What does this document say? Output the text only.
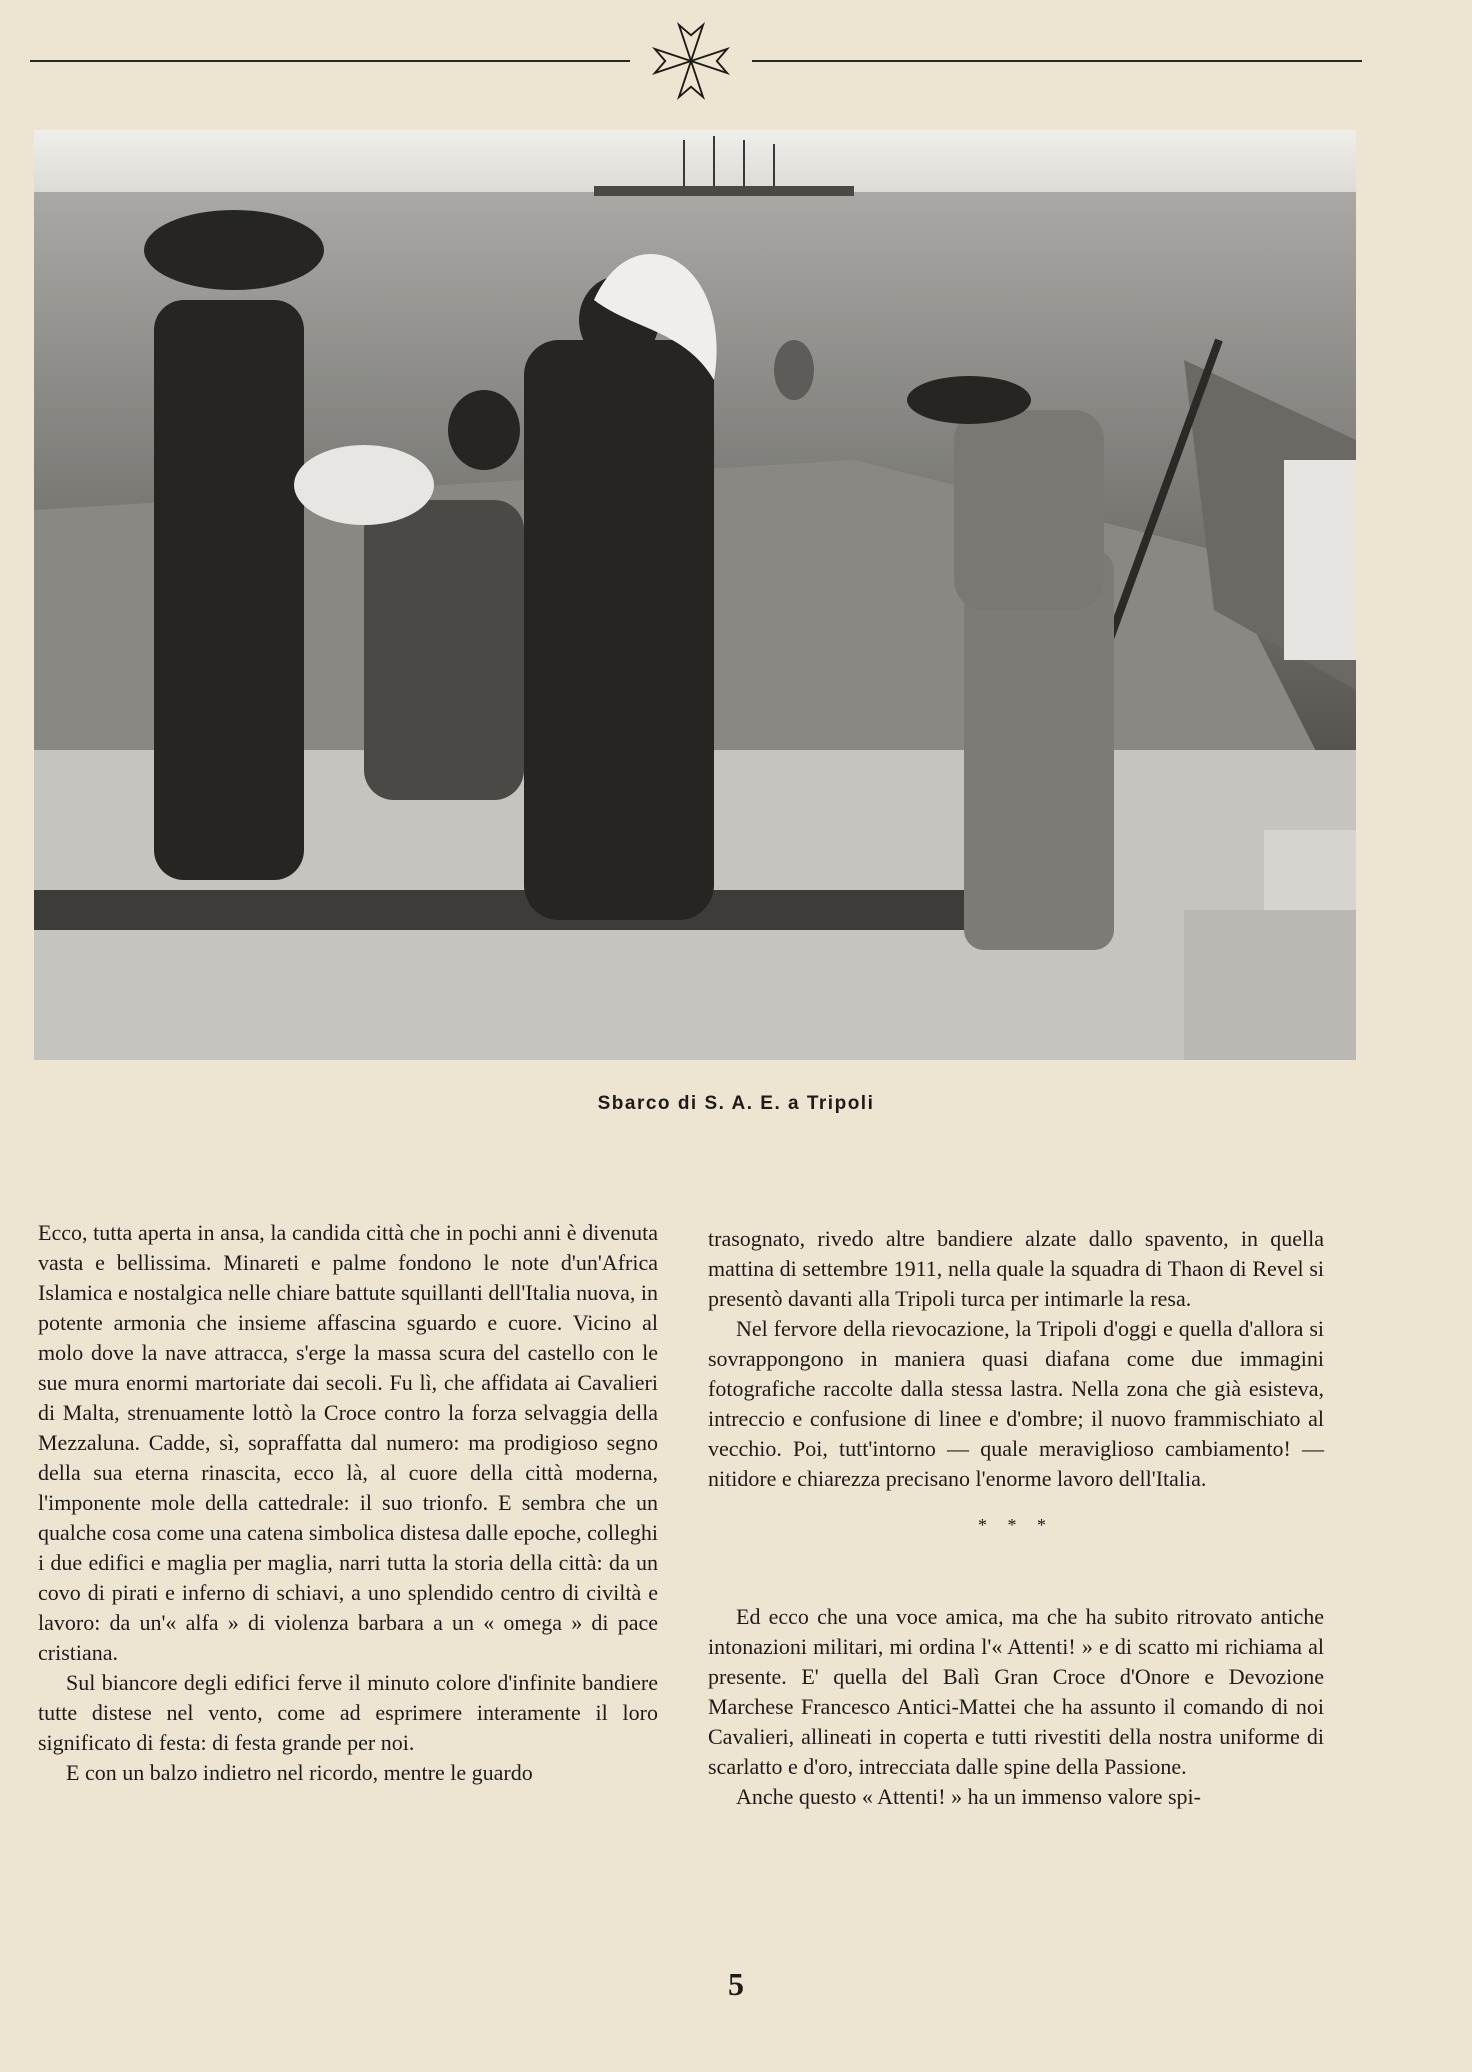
Sbarco di S. A. E. a Tripoli

Ecco, tutta aperta in ansa, la candida città che in pochi anni è divenuta vasta e bellissima. Minareti e palme fondono le note d'un'Africa Islamica e nostalgica nelle chiare battute squillanti dell'Italia nuova, in potente armonia che insieme affascina sguardo e cuore. Vicino al molo dove la nave attracca, s'erge la massa scura del castello con le sue mura enormi martoriate dai secoli. Fu lì, che affidata ai Cavalieri di Malta, strenuamente lottò la Croce contro la forza selvaggia della Mezzaluna. Cadde, sì, sopraffatta dal numero: ma prodigioso segno della sua eterna rinascita, ecco là, al cuore della città moderna, l'imponente mole della cattedrale: il suo trionfo. E sembra che un qualche cosa come una catena simbolica distesa dalle epoche, colleghi i due edifici e maglia per maglia, narri tutta la storia della città: da un covo di pirati e inferno di schiavi, a uno splendido centro di civiltà e lavoro: da un'« alfa » di violenza barbara a un « omega » di pace cristiana.

Sul biancore degli edifici ferve il minuto colore d'infinite bandiere tutte distese nel vento, come ad esprimere interamente il loro significato di festa: di festa grande per noi.

E con un balzo indietro nel ricordo, mentre le guardo

trasognato, rivedo altre bandiere alzate dallo spavento, in quella mattina di settembre 1911, nella quale la squadra di Thaon di Revel si presentò davanti alla Tripoli turca per intimarle la resa.

Nel fervore della rievocazione, la Tripoli d'oggi e quella d'allora si sovrappongono in maniera quasi diafana come due immagini fotografiche raccolte dalla stessa lastra. Nella zona che già esisteva, intreccio e confusione di linee e d'ombre; il nuovo frammischiato al vecchio. Poi, tutt'intorno — quale meraviglioso cambiamento! — nitidore e chiarezza precisano l'enorme lavoro dell'Italia.

* * *

Ed ecco che una voce amica, ma che ha subito ritrovato antiche intonazioni militari, mi ordina l'« Attenti! » e di scatto mi richiama al presente. E' quella del Balì Gran Croce d'Onore e Devozione Marchese Francesco Antici-Mattei che ha assunto il comando di noi Cavalieri, allineati in coperta e tutti rivestiti della nostra uniforme di scarlatto e d'oro, intrecciata dalle spine della Passione.

Anche questo « Attenti! » ha un immenso valore spi-

5
